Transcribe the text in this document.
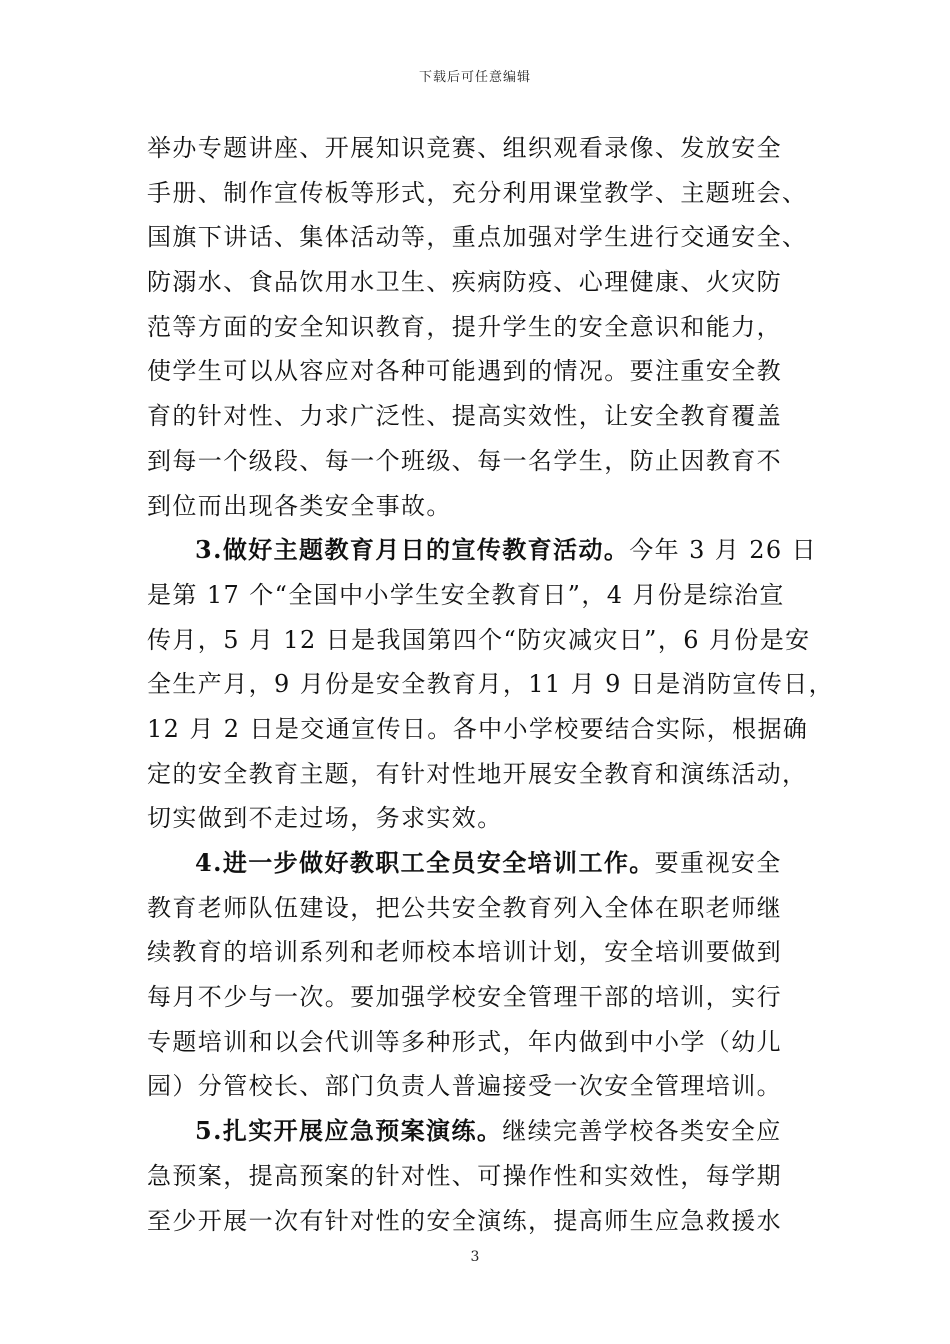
下载后可任意编辑
举办专题讲座、开展知识竞赛、组织观看录像、发放安全
手册、制作宣传板等形式，充分利用课堂教学、主题班会、
国旗下讲话、集体活动等，重点加强对学生进行交通安全、
防溺水、食品饮用水卫生、疾病防疫、心理健康、火灾防
范等方面的安全知识教育，提升学生的安全意识和能力，
使学生可以从容应对各种可能遇到的情况。要注重安全教
育的针对性、力求广泛性、提高实效性，让安全教育覆盖
到每一个级段、每一个班级、每一名学生，防止因教育不
到位而出现各类安全事故。
3.做好主题教育月日的宣传教育活动。今年 3 月 26 日
是第 17 个“全国中小学生安全教育日”，4 月份是综治宣
传月，5 月 12 日是我国第四个“防灾减灾日”，6 月份是安
全生产月，9 月份是安全教育月，11 月 9 日是消防宣传日，
12 月 2 日是交通宣传日。各中小学校要结合实际，根据确
定的安全教育主题，有针对性地开展安全教育和演练活动，
切实做到不走过场，务求实效。
4.进一步做好教职工全员安全培训工作。要重视安全
教育老师队伍建设，把公共安全教育列入全体在职老师继
续教育的培训系列和老师校本培训计划，安全培训要做到
每月不少与一次。要加强学校安全管理干部的培训，实行
专题培训和以会代训等多种形式，年内做到中小学（幼儿
园）分管校长、部门负责人普遍接受一次安全管理培训。
5.扎实开展应急预案演练。继续完善学校各类安全应
急预案，提高预案的针对性、可操作性和实效性，每学期
至少开展一次有针对性的安全演练，提高师生应急救援水
3
